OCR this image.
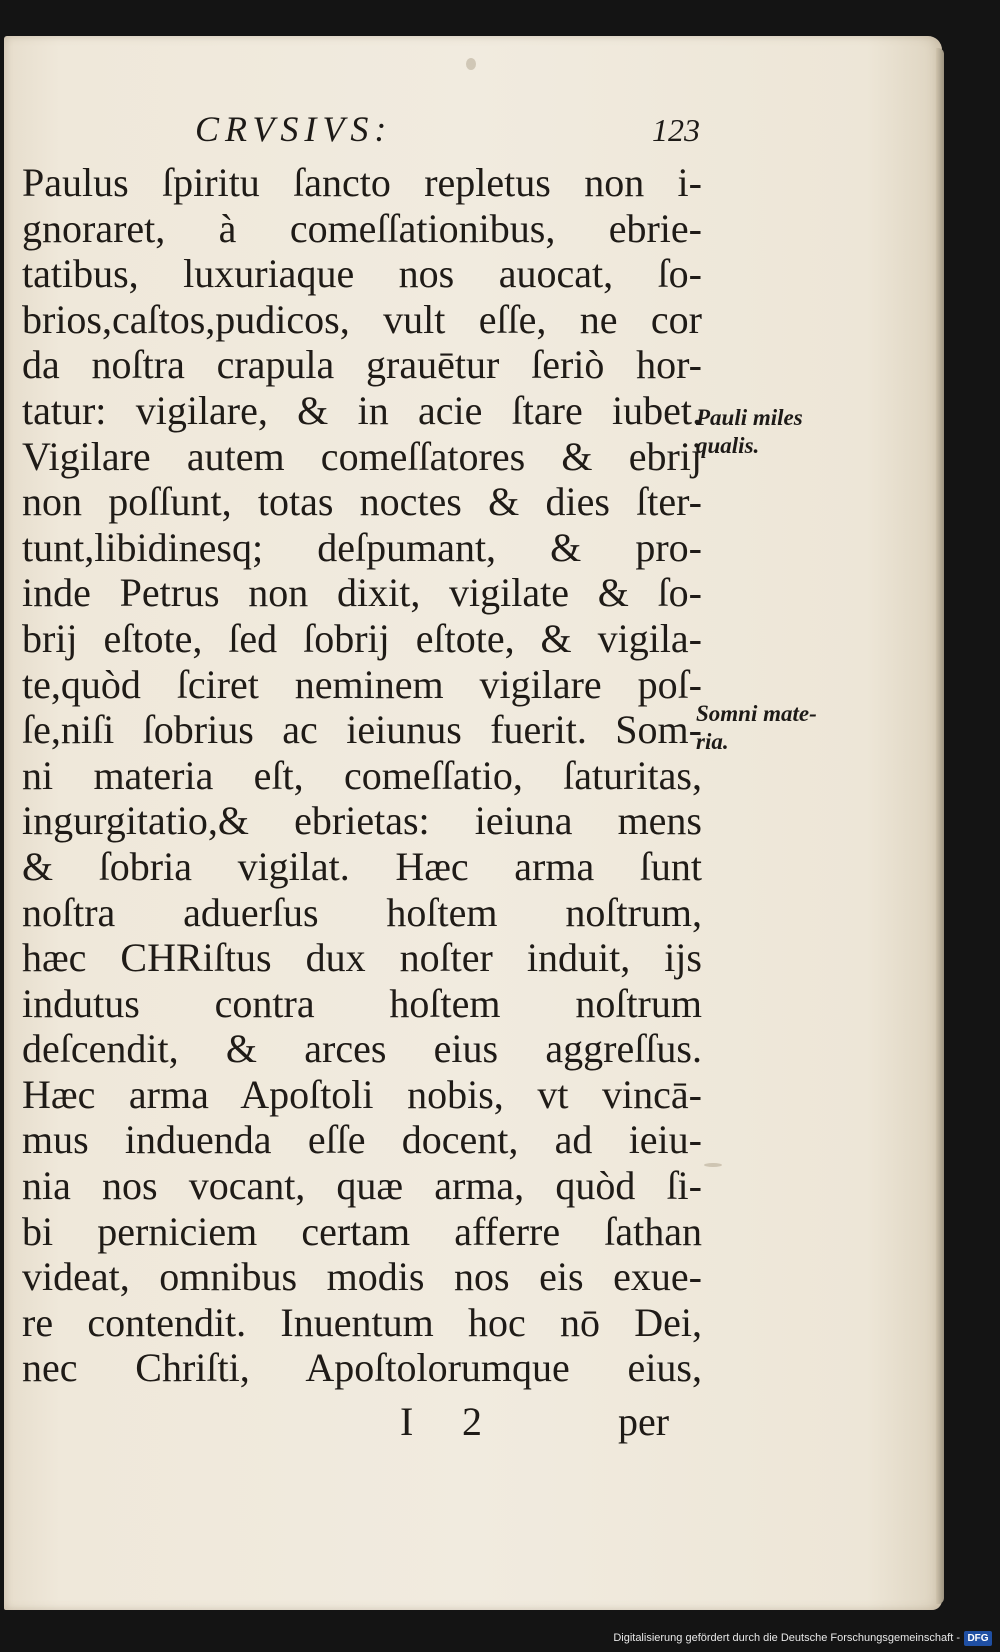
CRVSIVS:	123
Paulus ſpiritu ſancto repletus non i-
gnoraret, à comeſſationibus, ebrie-
tatibus, luxuriaque nos auocat, ſo-
brios,caſtos,pudicos, vult eſſe, ne cor
da noſtra crapula grauētur ſeriò hor-
tatur: vigilare, & in acie ſtare iubet.
Vigilare autem comeſſatores & ebrij
non poſſunt, totas noctes & dies ſter-
tunt,libidinesq; deſpumant, & pro-
inde Petrus non dixit, vigilate & ſo-
brij eſtote, ſed ſobrij eſtote, & vigila-
te,quòd ſciret neminem vigilare poſ-
ſe,niſi ſobrius ac ieiunus fuerit. Som-
ni materia eſt, comeſſatio, ſaturitas,
ingurgitatio,& ebrietas: ieiuna mens
& ſobria vigilat. Hæc arma ſunt
noſtra aduerſus hoſtem noſtrum,
hæc CHRiſtus dux noſter induit, ijs
indutus contra hoſtem noſtrum
deſcendit, & arces eius aggreſſus.
Hæc arma Apoſtoli nobis, vt vincā-
mus induenda eſſe docent, ad ieiu-
nia nos vocant, quæ arma, quòd ſi-
bi perniciem certam afferre ſathan
videat, omnibus modis nos eis exue-
re contendit. Inuentum hoc nō Dei,
nec Chriſti, Apoſtolorumque eius,
I 2	per
Pauli miles
qualis.
Somni mate-
ria.
Digitalisierung gefördert durch die Deutsche Forschungsgemeinschaft - DFG
